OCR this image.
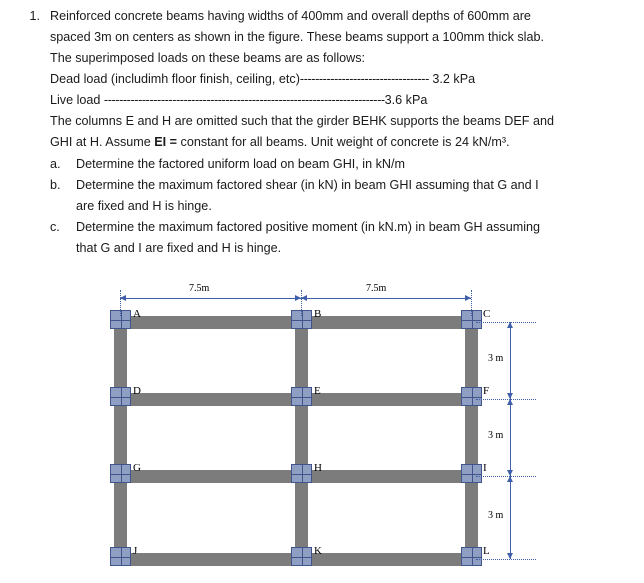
1. Reinforced concrete beams having widths of 400mm and overall depths of 600mm are

spaced 3m on centers as shown in the figure. These beams support a 100mm thick slab.

The superimposed loads on these beams are as follows:

Dead load (includimh floor finish, ceiling, etc)---------------------------------- 3.2 kPa

Live load --------------------------------------------------------------------------3.6 kPa

The columns E and H are omitted such that the girder BEHK supports the beams DEF and

GHI at H. Assume EI = constant for all beams. Unit weight of concrete is 24 kN/m³.

a.	Determine the factored uniform load on beam GHI, in kN/m
b.	Determine the maximum factored shear (in kN) in beam GHI assuming that G and I
are fixed and H is hinge.
c.	Determine the maximum factored positive moment (in kN.m) in beam GH assuming
that G and I are fixed and H is hinge.
A	B	C
D	E	F
G	H	I
J	K	L
7.5m	7.5m
3 m
3 m
3 m
